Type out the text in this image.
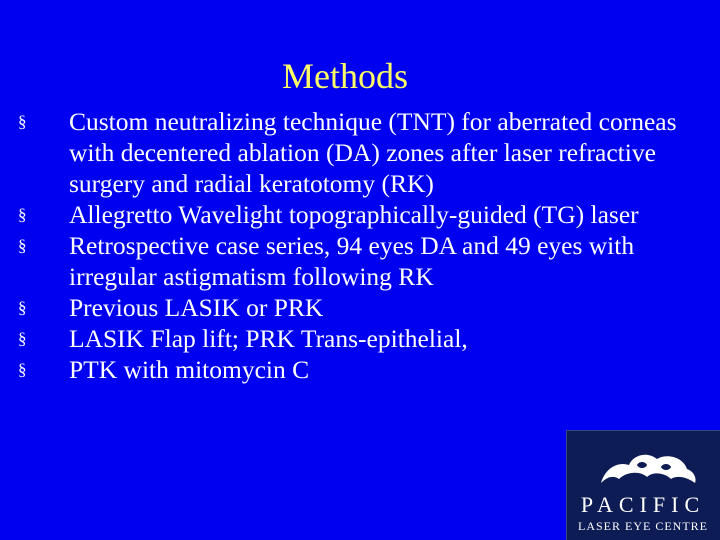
Methods
§ Custom neutralizing technique (TNT) for aberrated corneas with decentered ablation (DA) zones after laser refractive surgery and radial keratotomy (RK)
§ Allegretto Wavelight topographically-guided (TG) laser
§ Retrospective case series, 94 eyes DA and 49 eyes with irregular astigmatism following RK
§ Previous LASIK or PRK
§ LASIK Flap lift; PRK Trans-epithelial,
§ PTK with mitomycin C
PACIFIC
LASER EYE CENTRE
